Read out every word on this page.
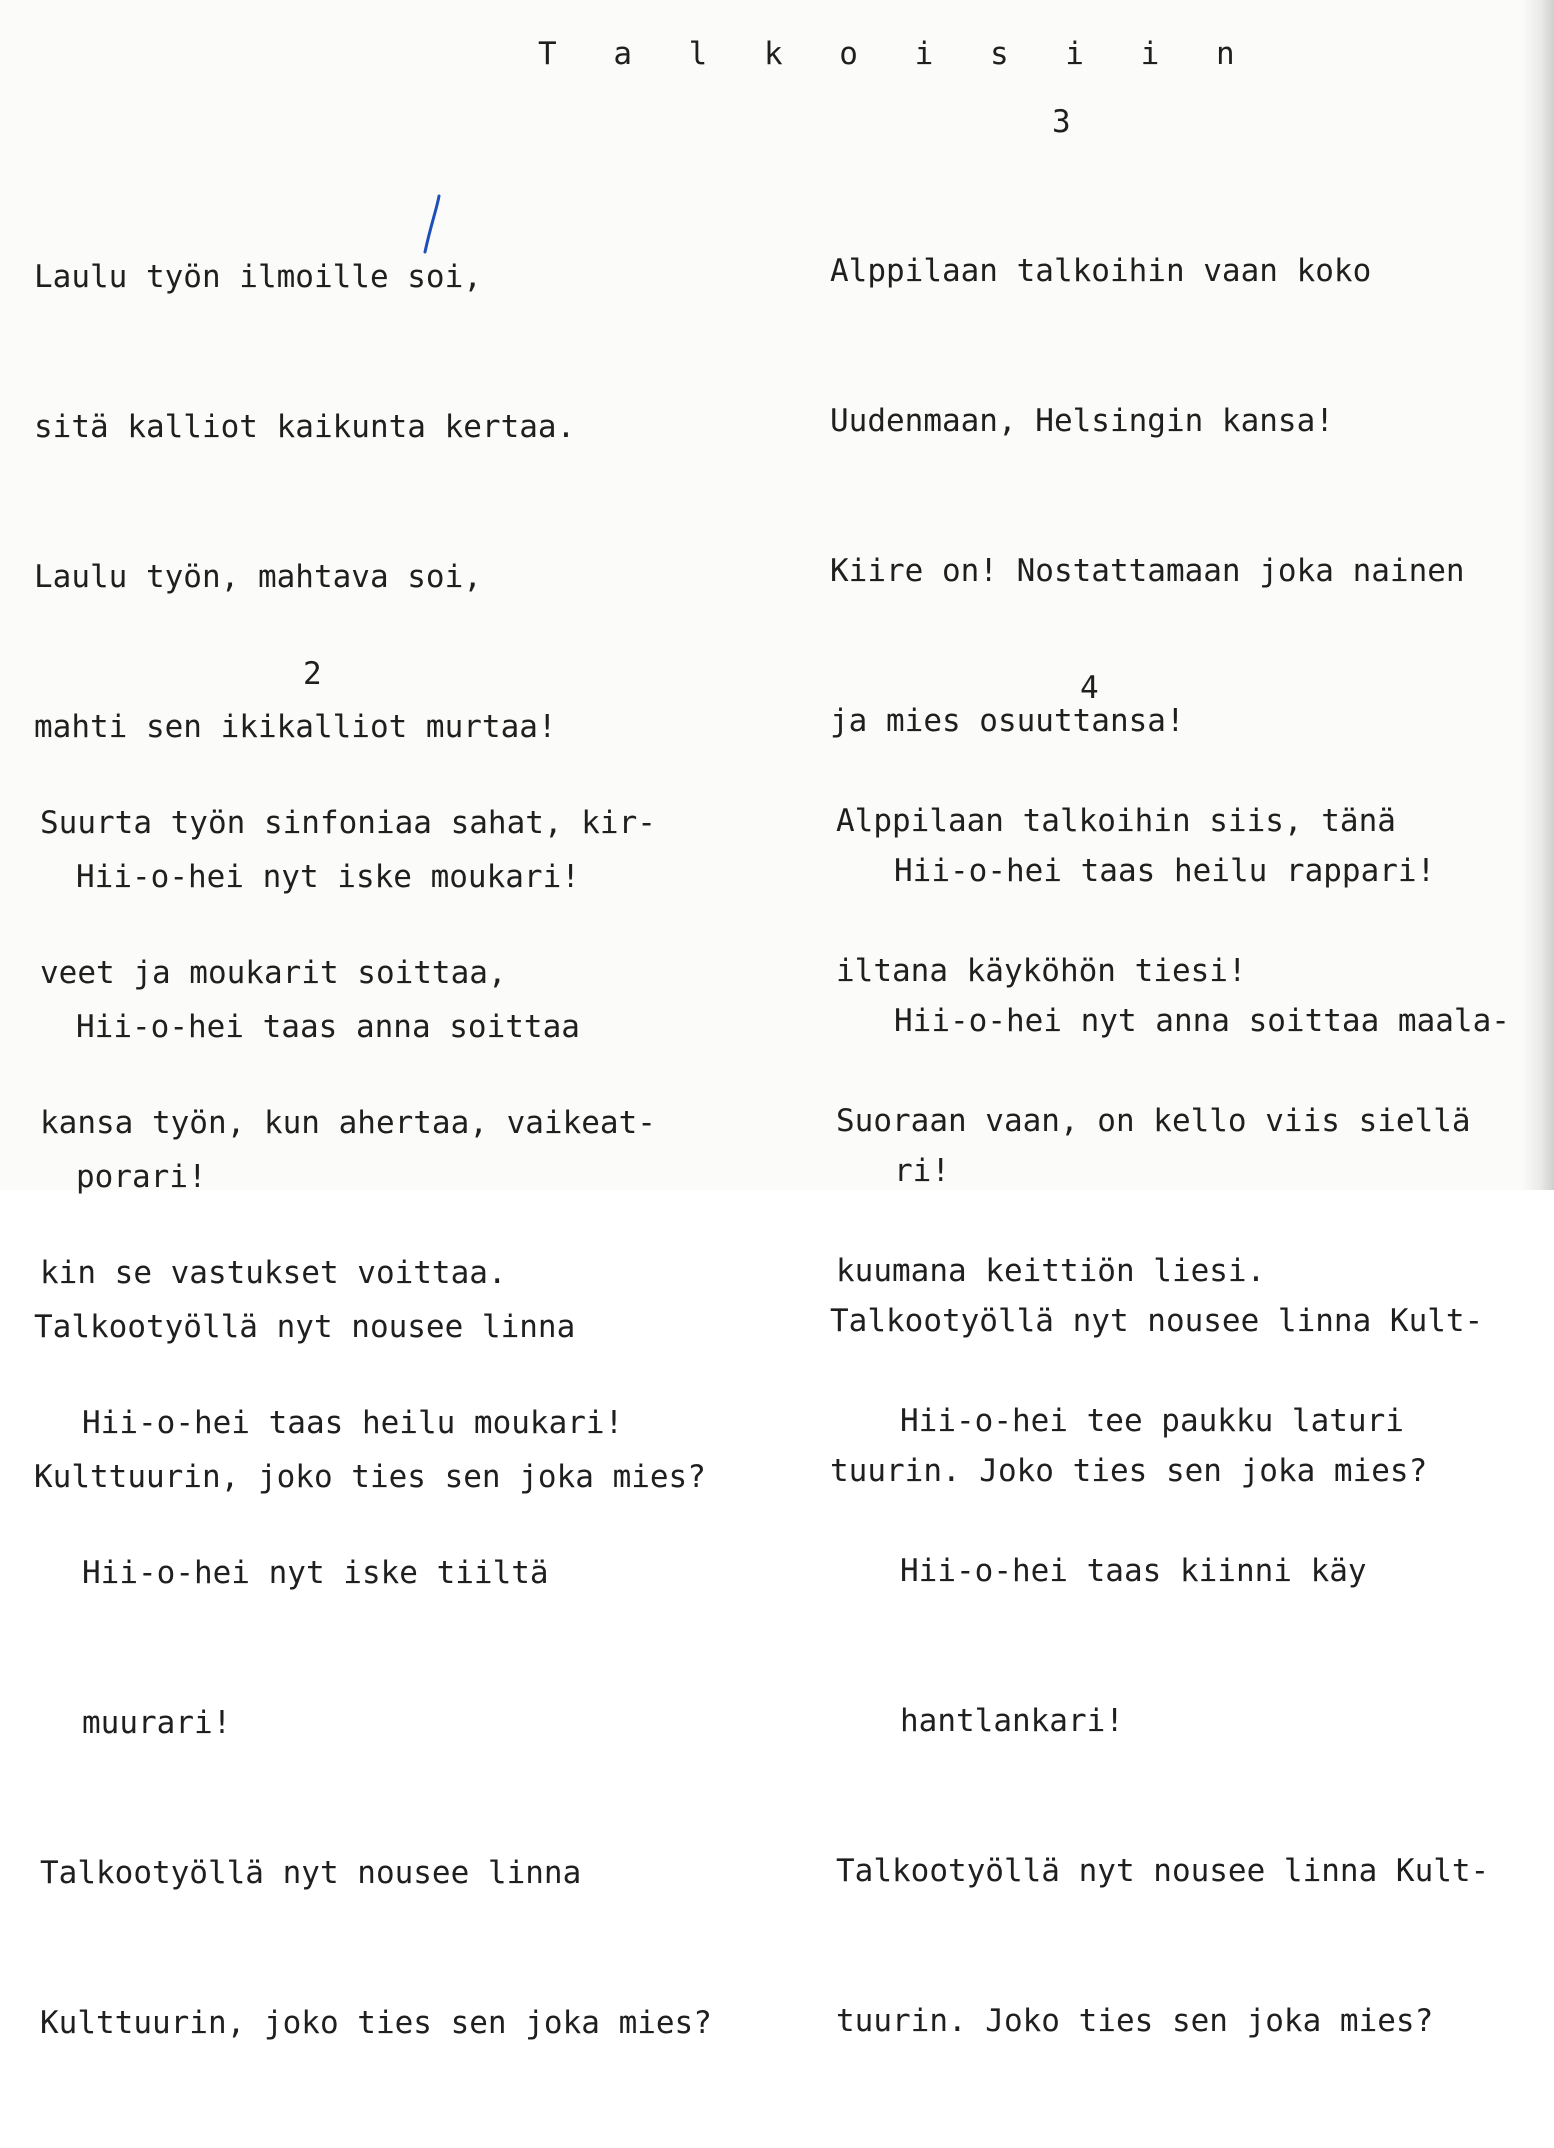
T a l k o i s i i n

Laulu työn ilmoille soi,

sitä kalliot kaikunta kertaa.

Laulu työn, mahtava soi,

mahti sen ikikalliot murtaa!

Hii-o-hei nyt iske moukari!

Hii-o-hei taas anna soittaa

porari!

Talkootyöllä nyt nousee linna

Kulttuurin, joko ties sen joka mies?

2

Suurta työn sinfoniaa sahat, kir-

veet ja moukarit soittaa,

kansa työn, kun ahertaa, vaikeat-

kin se vastukset voittaa.

Hii-o-hei taas heilu moukari!

Hii-o-hei nyt iske tiiltä

muurari!

Talkootyöllä nyt nousee linna

Kulttuurin, joko ties sen joka mies?

3

Alppilaan talkoihin vaan koko

Uudenmaan, Helsingin kansa!

Kiire on! Nostattamaan joka nainen

ja mies osuuttansa!

Hii-o-hei taas heilu rappari!

Hii-o-hei nyt anna soittaa maala-

ri!

Talkootyöllä nyt nousee linna Kult-

tuurin. Joko ties sen joka mies?

4

Alppilaan talkoihin siis, tänä

iltana käyköhön tiesi!

Suoraan vaan, on kello viis siellä

kuumana keittiön liesi.

Hii-o-hei tee paukku laturi

Hii-o-hei taas kiinni käy

hantlankari!

Talkootyöllä nyt nousee linna Kult-

tuurin. Joko ties sen joka mies?
